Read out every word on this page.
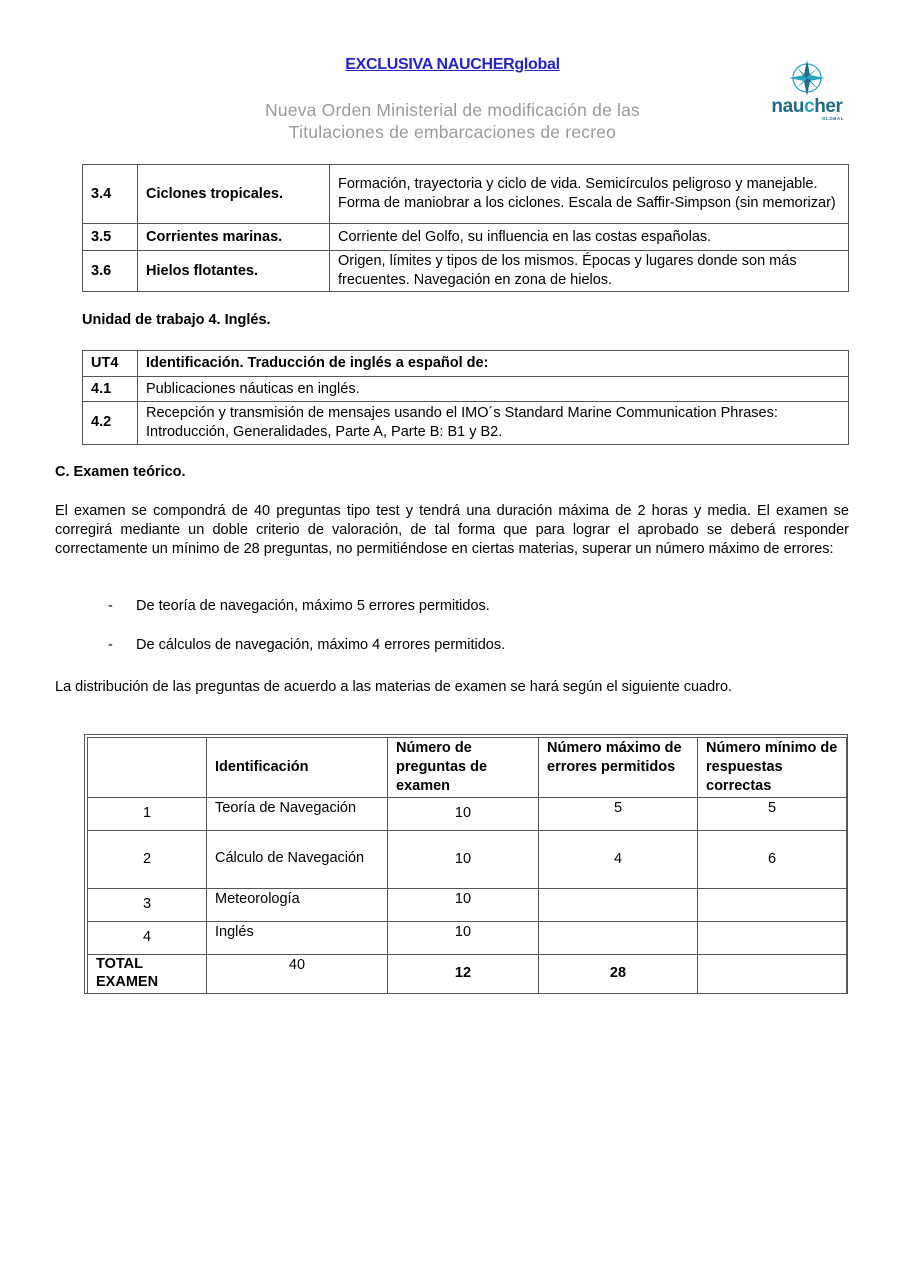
EXCLUSIVA NAUCHERglobal
Nueva Orden Ministerial de modificación de las
Titulaciones de embarcaciones de recreo
naucher
GLOBAL
3.4	Ciclones tropicales.	Formación, trayectoria y ciclo de vida. Semicírculos peligroso y manejable. Forma de maniobrar a los ciclones. Escala de Saffir-Simpson (sin memorizar)
3.5	Corrientes marinas.	Corriente del Golfo, su influencia en las costas españolas.
3.6	Hielos flotantes.	Origen, límites y tipos de los mismos. Épocas y lugares donde son más frecuentes. Navegación en zona de hielos.
Unidad de trabajo 4. Inglés.
UT4	Identificación. Traducción de inglés a español de:
4.1	Publicaciones náuticas en inglés.
4.2	Recepción y transmisión de mensajes usando el IMO´s Standard Marine Communication Phrases: Introducción, Generalidades, Parte A, Parte B: B1 y B2.
C. Examen teórico.
El examen se compondrá de 40 preguntas tipo test y tendrá una duración máxima de 2 horas y media. El examen se corregirá mediante un doble criterio de valoración, de tal forma que para lograr el aprobado se deberá responder correctamente un mínimo de 28 preguntas, no permitiéndose en ciertas materias, superar un número máximo de errores:
- De teoría de navegación, máximo 5 errores permitidos.
- De cálculos de navegación, máximo 4 errores permitidos.
La distribución de las preguntas de acuerdo a las materias de examen se hará según el siguiente cuadro.
	Identificación	Número de preguntas de examen	Número máximo de errores permitidos	Número mínimo de respuestas correctas
1	Teoría de Navegación	10	5	5
2	Cálculo de Navegación	10	4	6
3	Meteorología	10		
4	Inglés	10		
TOTAL EXAMEN	40	12	28	
